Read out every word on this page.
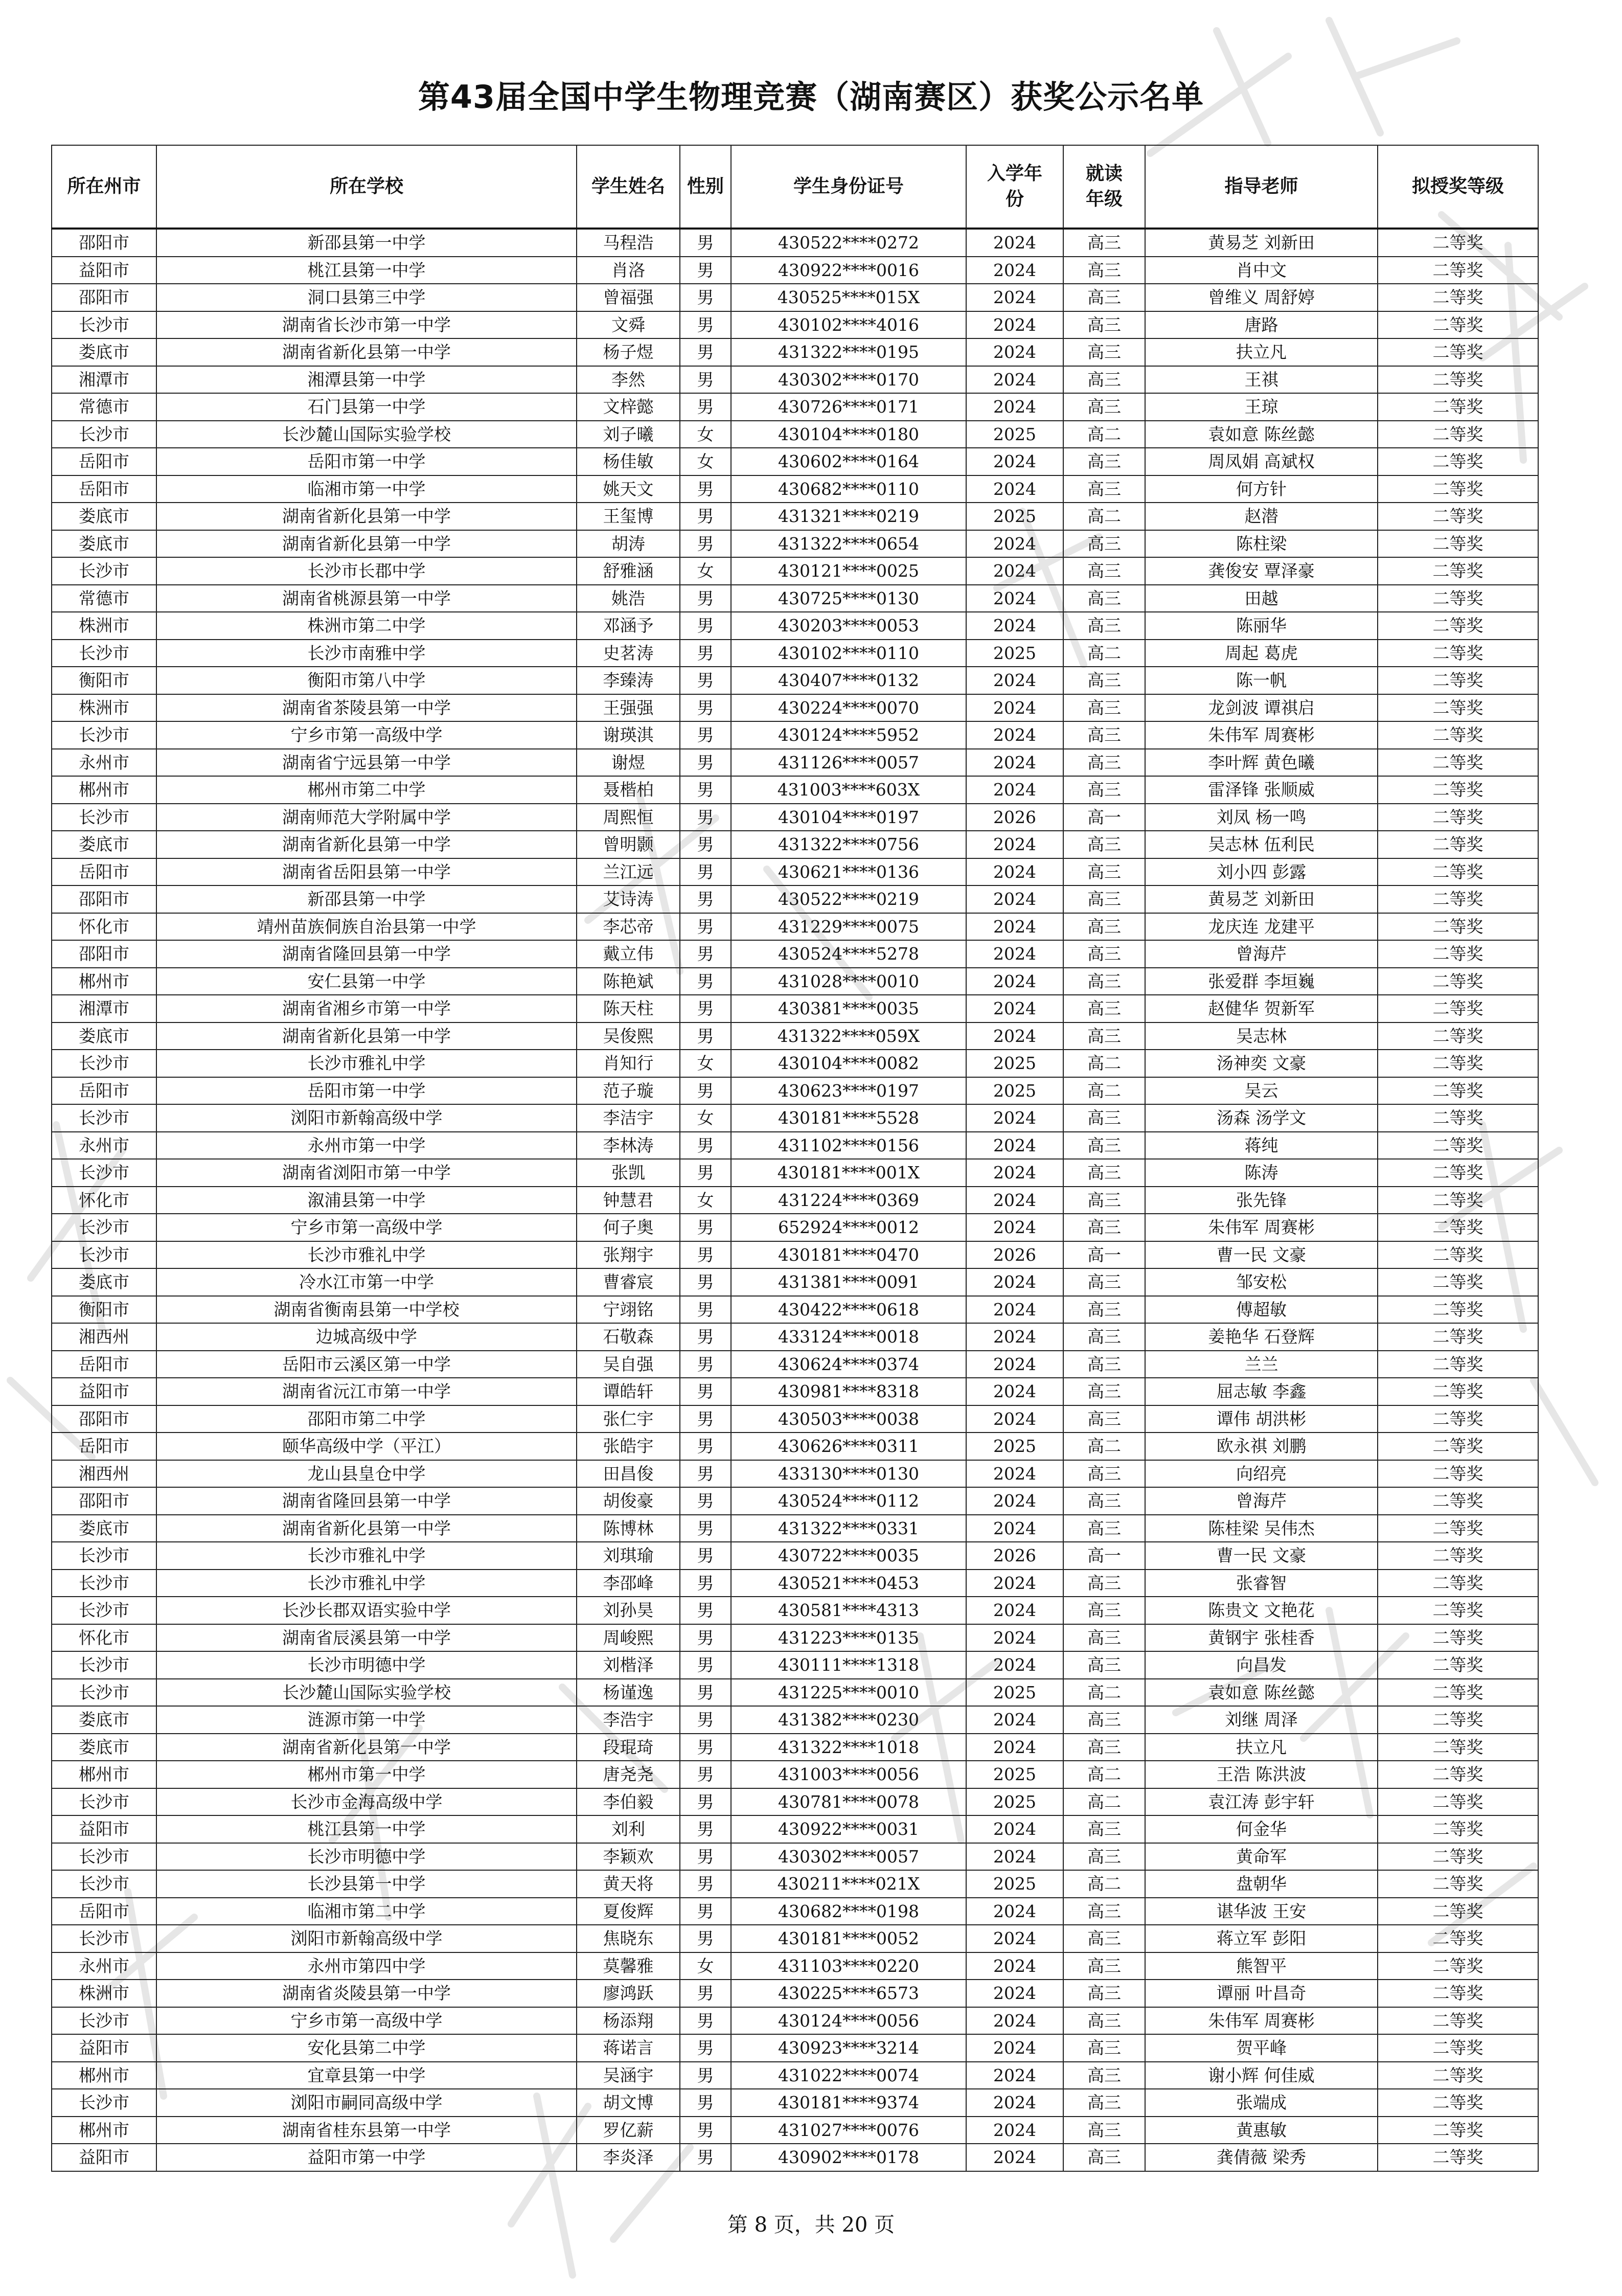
第43届全国中学生物理竞赛（湖南赛区）获奖公示名单
所在州市	所在学校	学生姓名	性别	学生身份证号	入学年份	就读年级	指导老师	拟授奖等级
邵阳市	新邵县第一中学	马程浩	男	430522****0272	2024	高三	黄易芝 刘新田	二等奖
益阳市	桃江县第一中学	肖洛	男	430922****0016	2024	高三	肖中文	二等奖
邵阳市	洞口县第三中学	曾福强	男	430525****015X	2024	高三	曾维义 周舒婷	二等奖
长沙市	湖南省长沙市第一中学	文舜	男	430102****4016	2024	高三	唐路	二等奖
娄底市	湖南省新化县第一中学	杨子煜	男	431322****0195	2024	高三	扶立凡	二等奖
湘潭市	湘潭县第一中学	李然	男	430302****0170	2024	高三	王祺	二等奖
常德市	石门县第一中学	文梓懿	男	430726****0171	2024	高三	王琼	二等奖
长沙市	长沙麓山国际实验学校	刘子曦	女	430104****0180	2025	高二	袁如意 陈丝懿	二等奖
岳阳市	岳阳市第一中学	杨佳敏	女	430602****0164	2024	高三	周凤娟 高斌权	二等奖
岳阳市	临湘市第一中学	姚天文	男	430682****0110	2024	高三	何方针	二等奖
娄底市	湖南省新化县第一中学	王玺博	男	431321****0219	2025	高二	赵潜	二等奖
娄底市	湖南省新化县第一中学	胡涛	男	431322****0654	2024	高三	陈柱梁	二等奖
长沙市	长沙市长郡中学	舒雅涵	女	430121****0025	2024	高三	龚俊安 覃泽豪	二等奖
常德市	湖南省桃源县第一中学	姚浩	男	430725****0130	2024	高三	田越	二等奖
株洲市	株洲市第二中学	邓涵予	男	430203****0053	2024	高三	陈丽华	二等奖
长沙市	长沙市南雅中学	史茗涛	男	430102****0110	2025	高二	周起 葛虎	二等奖
衡阳市	衡阳市第八中学	李臻涛	男	430407****0132	2024	高三	陈一帆	二等奖
株洲市	湖南省茶陵县第一中学	王强强	男	430224****0070	2024	高三	龙剑波 谭祺启	二等奖
长沙市	宁乡市第一高级中学	谢瑛淇	男	430124****5952	2024	高三	朱伟军 周赛彬	二等奖
永州市	湖南省宁远县第一中学	谢煜	男	431126****0057	2024	高三	李叶辉 黄色曦	二等奖
郴州市	郴州市第二中学	聂楷柏	男	431003****603X	2024	高三	雷泽锋 张顺威	二等奖
长沙市	湖南师范大学附属中学	周熙恒	男	430104****0197	2026	高一	刘凤 杨一鸣	二等奖
娄底市	湖南省新化县第一中学	曾明颢	男	431322****0756	2024	高三	吴志林 伍利民	二等奖
岳阳市	湖南省岳阳县第一中学	兰江远	男	430621****0136	2024	高三	刘小四 彭露	二等奖
邵阳市	新邵县第一中学	艾诗涛	男	430522****0219	2024	高三	黄易芝 刘新田	二等奖
怀化市	靖州苗族侗族自治县第一中学	李芯帝	男	431229****0075	2024	高三	龙庆连 龙建平	二等奖
邵阳市	湖南省隆回县第一中学	戴立伟	男	430524****5278	2024	高三	曾海芹	二等奖
郴州市	安仁县第一中学	陈艳斌	男	431028****0010	2024	高三	张爱群 李垣巍	二等奖
湘潭市	湖南省湘乡市第一中学	陈天柱	男	430381****0035	2024	高三	赵健华 贺新军	二等奖
娄底市	湖南省新化县第一中学	吴俊熙	男	431322****059X	2024	高三	吴志林	二等奖
长沙市	长沙市雅礼中学	肖知行	女	430104****0082	2025	高二	汤神奕 文豪	二等奖
岳阳市	岳阳市第一中学	范子璇	男	430623****0197	2025	高二	吴云	二等奖
长沙市	浏阳市新翰高级中学	李洁宇	女	430181****5528	2024	高三	汤森 汤学文	二等奖
永州市	永州市第一中学	李林涛	男	431102****0156	2024	高三	蒋纯	二等奖
长沙市	湖南省浏阳市第一中学	张凯	男	430181****001X	2024	高三	陈涛	二等奖
怀化市	溆浦县第一中学	钟慧君	女	431224****0369	2024	高三	张先锋	二等奖
长沙市	宁乡市第一高级中学	何子奥	男	652924****0012	2024	高三	朱伟军 周赛彬	二等奖
长沙市	长沙市雅礼中学	张翔宇	男	430181****0470	2026	高一	曹一民 文豪	二等奖
娄底市	冷水江市第一中学	曹睿宸	男	431381****0091	2024	高三	邹安松	二等奖
衡阳市	湖南省衡南县第一中学校	宁翊铭	男	430422****0618	2024	高三	傅超敏	二等奖
湘西州	边城高级中学	石敬森	男	433124****0018	2024	高三	姜艳华 石登辉	二等奖
岳阳市	岳阳市云溪区第一中学	吴自强	男	430624****0374	2024	高三	兰兰	二等奖
益阳市	湖南省沅江市第一中学	谭皓轩	男	430981****8318	2024	高三	屈志敏 李鑫	二等奖
邵阳市	邵阳市第二中学	张仁宇	男	430503****0038	2024	高三	谭伟 胡洪彬	二等奖
岳阳市	颐华高级中学（平江）	张皓宇	男	430626****0311	2025	高二	欧永祺 刘鹏	二等奖
湘西州	龙山县皇仓中学	田昌俊	男	433130****0130	2024	高三	向绍亮	二等奖
邵阳市	湖南省隆回县第一中学	胡俊豪	男	430524****0112	2024	高三	曾海芹	二等奖
娄底市	湖南省新化县第一中学	陈博林	男	431322****0331	2024	高三	陈桂梁 吴伟杰	二等奖
长沙市	长沙市雅礼中学	刘琪瑜	男	430722****0035	2026	高一	曹一民 文豪	二等奖
长沙市	长沙市雅礼中学	李邵峰	男	430521****0453	2024	高三	张睿智	二等奖
长沙市	长沙长郡双语实验中学	刘孙昊	男	430581****4313	2024	高三	陈贵文 文艳花	二等奖
怀化市	湖南省辰溪县第一中学	周峻熙	男	431223****0135	2024	高三	黄钢宇 张桂香	二等奖
长沙市	长沙市明德中学	刘楷泽	男	430111****1318	2024	高三	向昌发	二等奖
长沙市	长沙麓山国际实验学校	杨谨逸	男	431225****0010	2025	高二	袁如意 陈丝懿	二等奖
娄底市	涟源市第一中学	李浩宇	男	431382****0230	2024	高三	刘继 周泽	二等奖
娄底市	湖南省新化县第一中学	段琨琦	男	431322****1018	2024	高三	扶立凡	二等奖
郴州市	郴州市第一中学	唐尧尧	男	431003****0056	2025	高二	王浩 陈洪波	二等奖
长沙市	长沙市金海高级中学	李伯毅	男	430781****0078	2025	高二	袁江涛 彭宇轩	二等奖
益阳市	桃江县第一中学	刘利	男	430922****0031	2024	高三	何金华	二等奖
长沙市	长沙市明德中学	李颖欢	男	430302****0057	2024	高三	黄命军	二等奖
长沙市	长沙县第一中学	黄天将	男	430211****021X	2025	高二	盘朝华	二等奖
岳阳市	临湘市第二中学	夏俊辉	男	430682****0198	2024	高三	谌华波 王安	二等奖
长沙市	浏阳市新翰高级中学	焦晓东	男	430181****0052	2024	高三	蒋立军 彭阳	二等奖
永州市	永州市第四中学	莫馨雅	女	431103****0220	2024	高三	熊智平	二等奖
株洲市	湖南省炎陵县第一中学	廖鸿跃	男	430225****6573	2024	高三	谭丽 叶昌奇	二等奖
长沙市	宁乡市第一高级中学	杨添翔	男	430124****0056	2024	高三	朱伟军 周赛彬	二等奖
益阳市	安化县第二中学	蒋诺言	男	430923****3214	2024	高三	贺平峰	二等奖
郴州市	宜章县第一中学	吴涵宇	男	431022****0074	2024	高三	谢小辉 何佳威	二等奖
长沙市	浏阳市嗣同高级中学	胡文博	男	430181****9374	2024	高三	张端成	二等奖
郴州市	湖南省桂东县第一中学	罗亿薪	男	431027****0076	2024	高三	黄惠敏	二等奖
益阳市	益阳市第一中学	李炎泽	男	430902****0178	2024	高三	龚倩薇 梁秀	二等奖
第 8 页，共 20 页
